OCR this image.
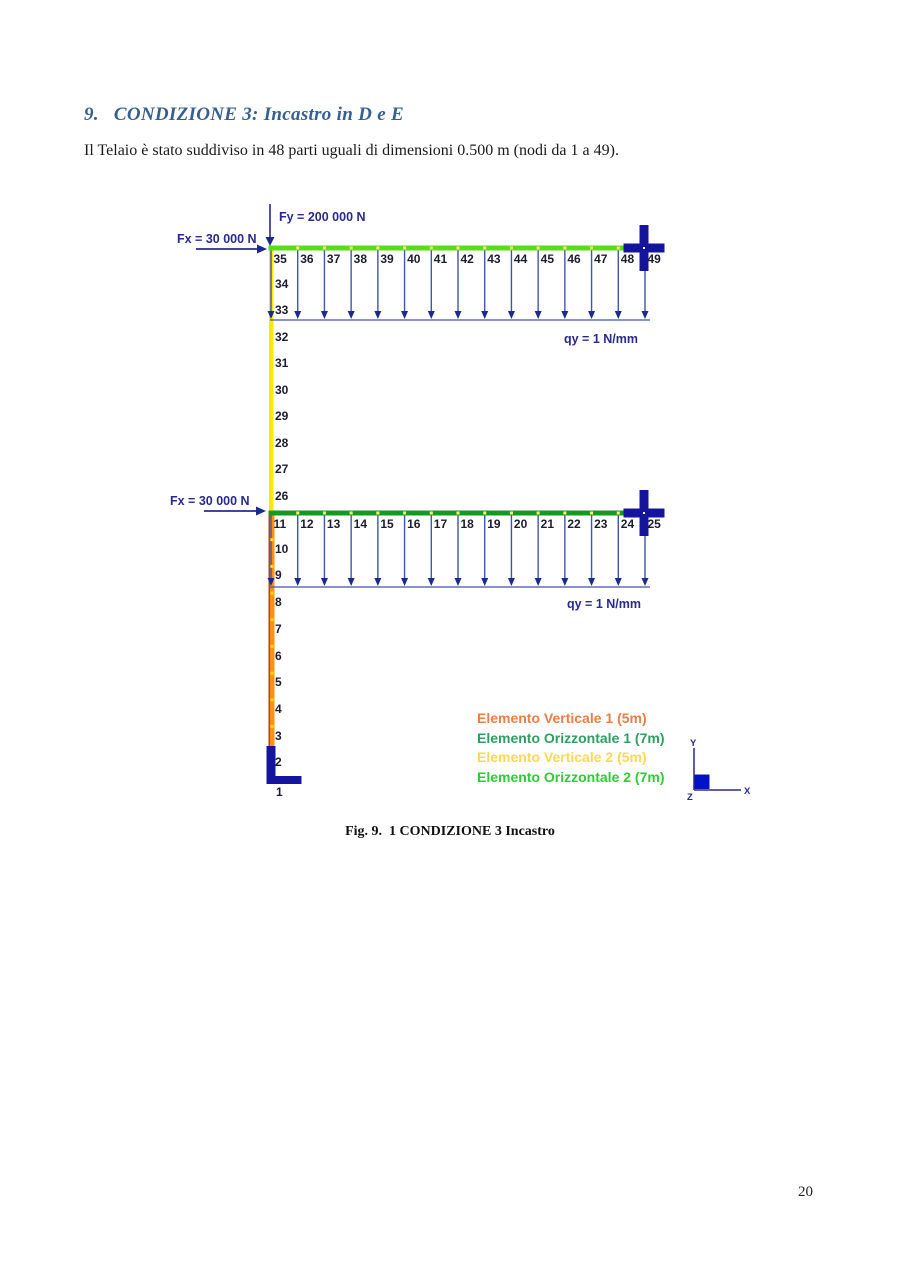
9. CONDIZIONE 3: Incastro in D e E
Il Telaio è stato suddiviso in 48 parti uguali di dimensioni 0.500 m (nodi da 1 a 49).
Y
X
Z
35 36 37 38 39 40 41 42 43 44 45 46 47 48 49
11 12 13 14 15 16 17 18 19 20 21 22 23 24 25
34
33
32
31
30
29
28
27
26
10
9
8
7
6
5
4
3
2
1
Fy = 200 000 N
Fx = 30 000 N
Fx = 30 000 N
qy = 1 N/mm
qy = 1 N/mm
Elemento Verticale 1 (5m)
Elemento Orizzontale 1 (7m)
Elemento Verticale 2 (5m)
Elemento Orizzontale 2 (7m)
Fig. 9.  1 CONDIZIONE 3 Incastro
20
